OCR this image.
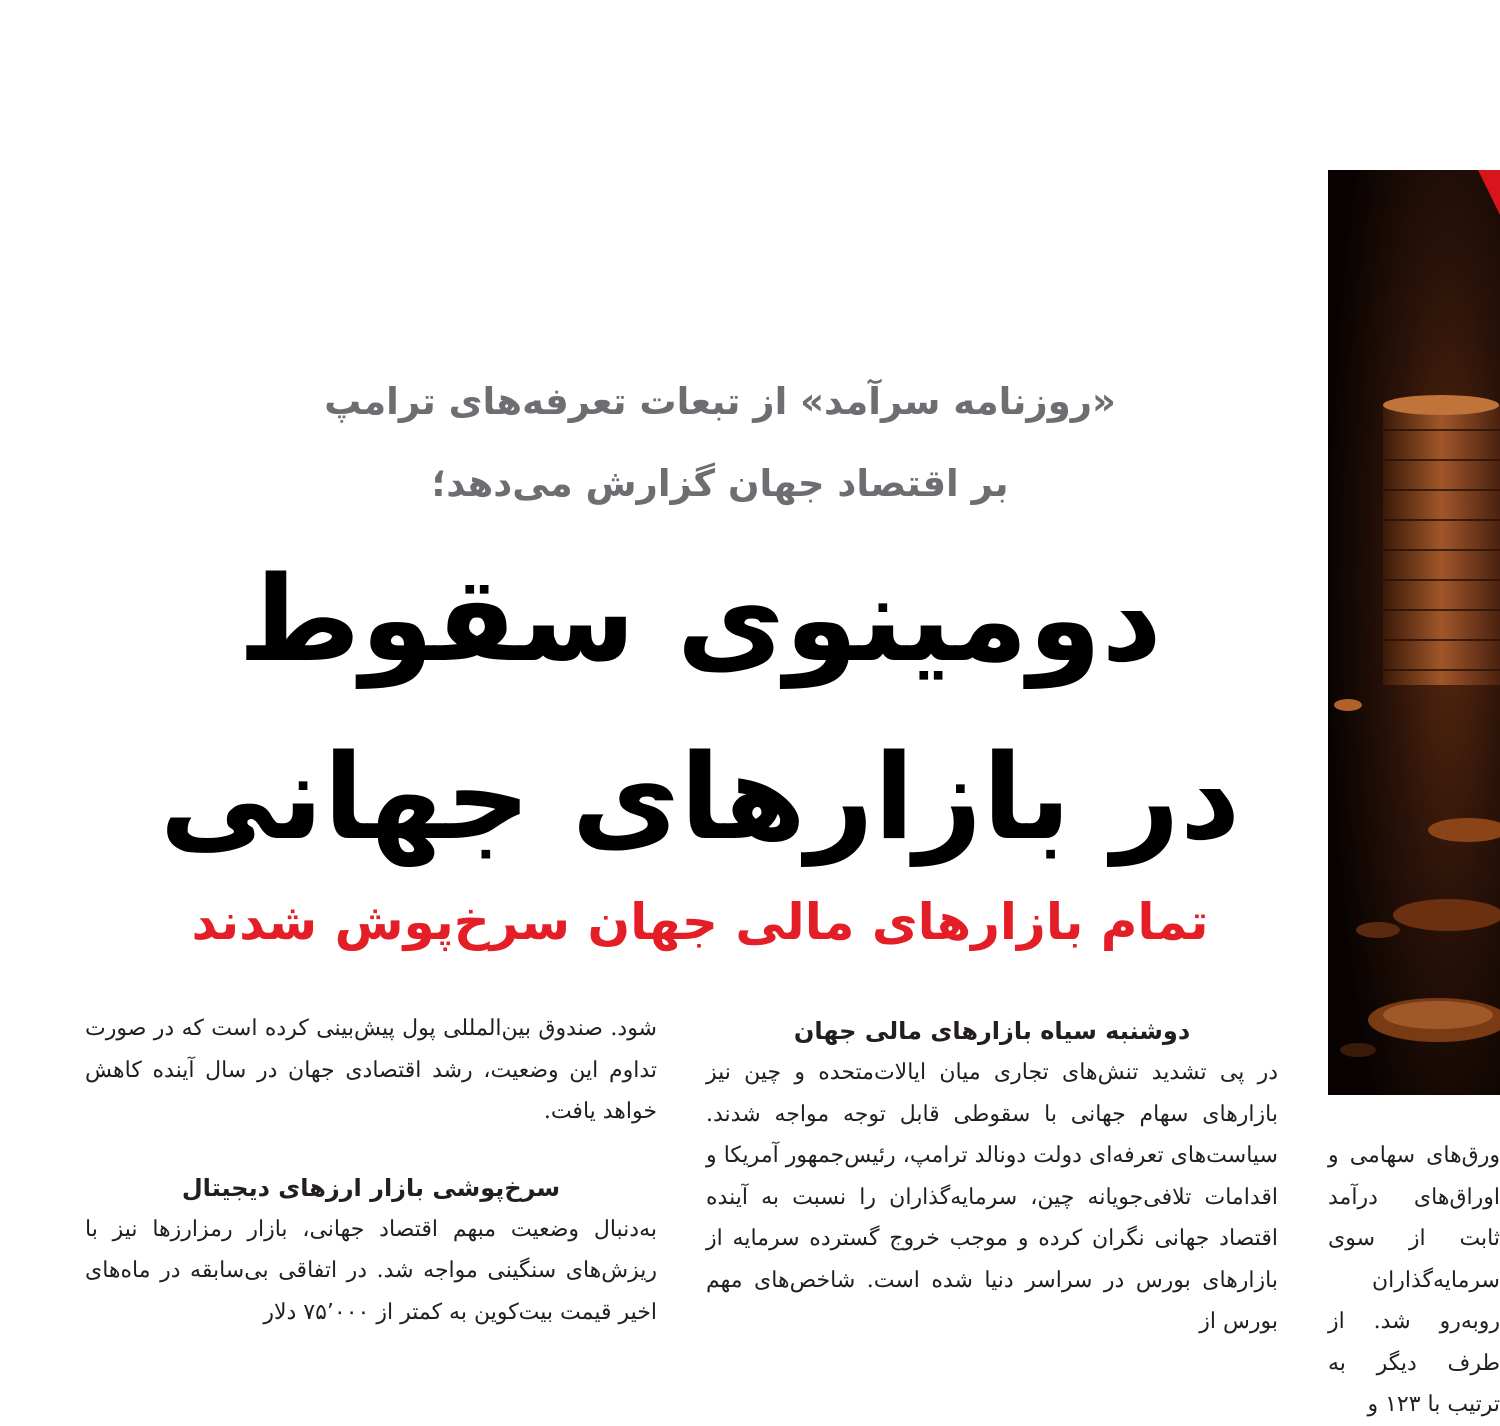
«روزنامه سرآمد» از تبعات تعرفه‌های ترامپ
بر اقتصاد جهان گزارش می‌دهد؛
دومینوی سقوط
در بازارهای جهانی
تمام بازارهای مالی جهان سرخ‌پوش شدند
دوشنبه سیاه بازارهای مالی جهان

در پی تشدید تنش‌های تجاری میان ایالات‌متحده و چین نیز بازارهای سهام جهانی با سقوطی قابل توجه مواجه شدند. سیاست‌های تعرفه‌ای دولت دونالد ترامپ، رئیس‌جمهور آمریکا و اقدامات تلافی‌جویانه چین، سرمایه‌گذاران را نسبت به آینده اقتصاد جهانی نگران کرده و موجب خروج گسترده سرمایه از بازارهای بورس در سراسر دنیا شده است. شاخص‌های مهم بورس از

شود. صندوق بین‌المللی پول پیش‌بینی کرده است که در صورت تداوم این وضعیت، رشد اقتصادی جهان در سال آینده کاهش خواهد یافت.

سرخ‌پوشی بازار ارزهای دیجیتال

به‌دنبال وضعیت مبهم اقتصاد جهانی، بازار رمزارزها نیز با ریزش‌های سنگینی مواجه شد. در اتفاقی بی‌سابقه در ماه‌های اخیر قیمت بیت‌کوین به کمتر از ۷۵٬۰۰۰ دلار

ورق‌های سهامی و اوراق‌های درآمد ثابت از سوی سرمایه‌گذاران روبه‌رو شد. از طرف دیگر به ترتیب با ۱۲۳ و
